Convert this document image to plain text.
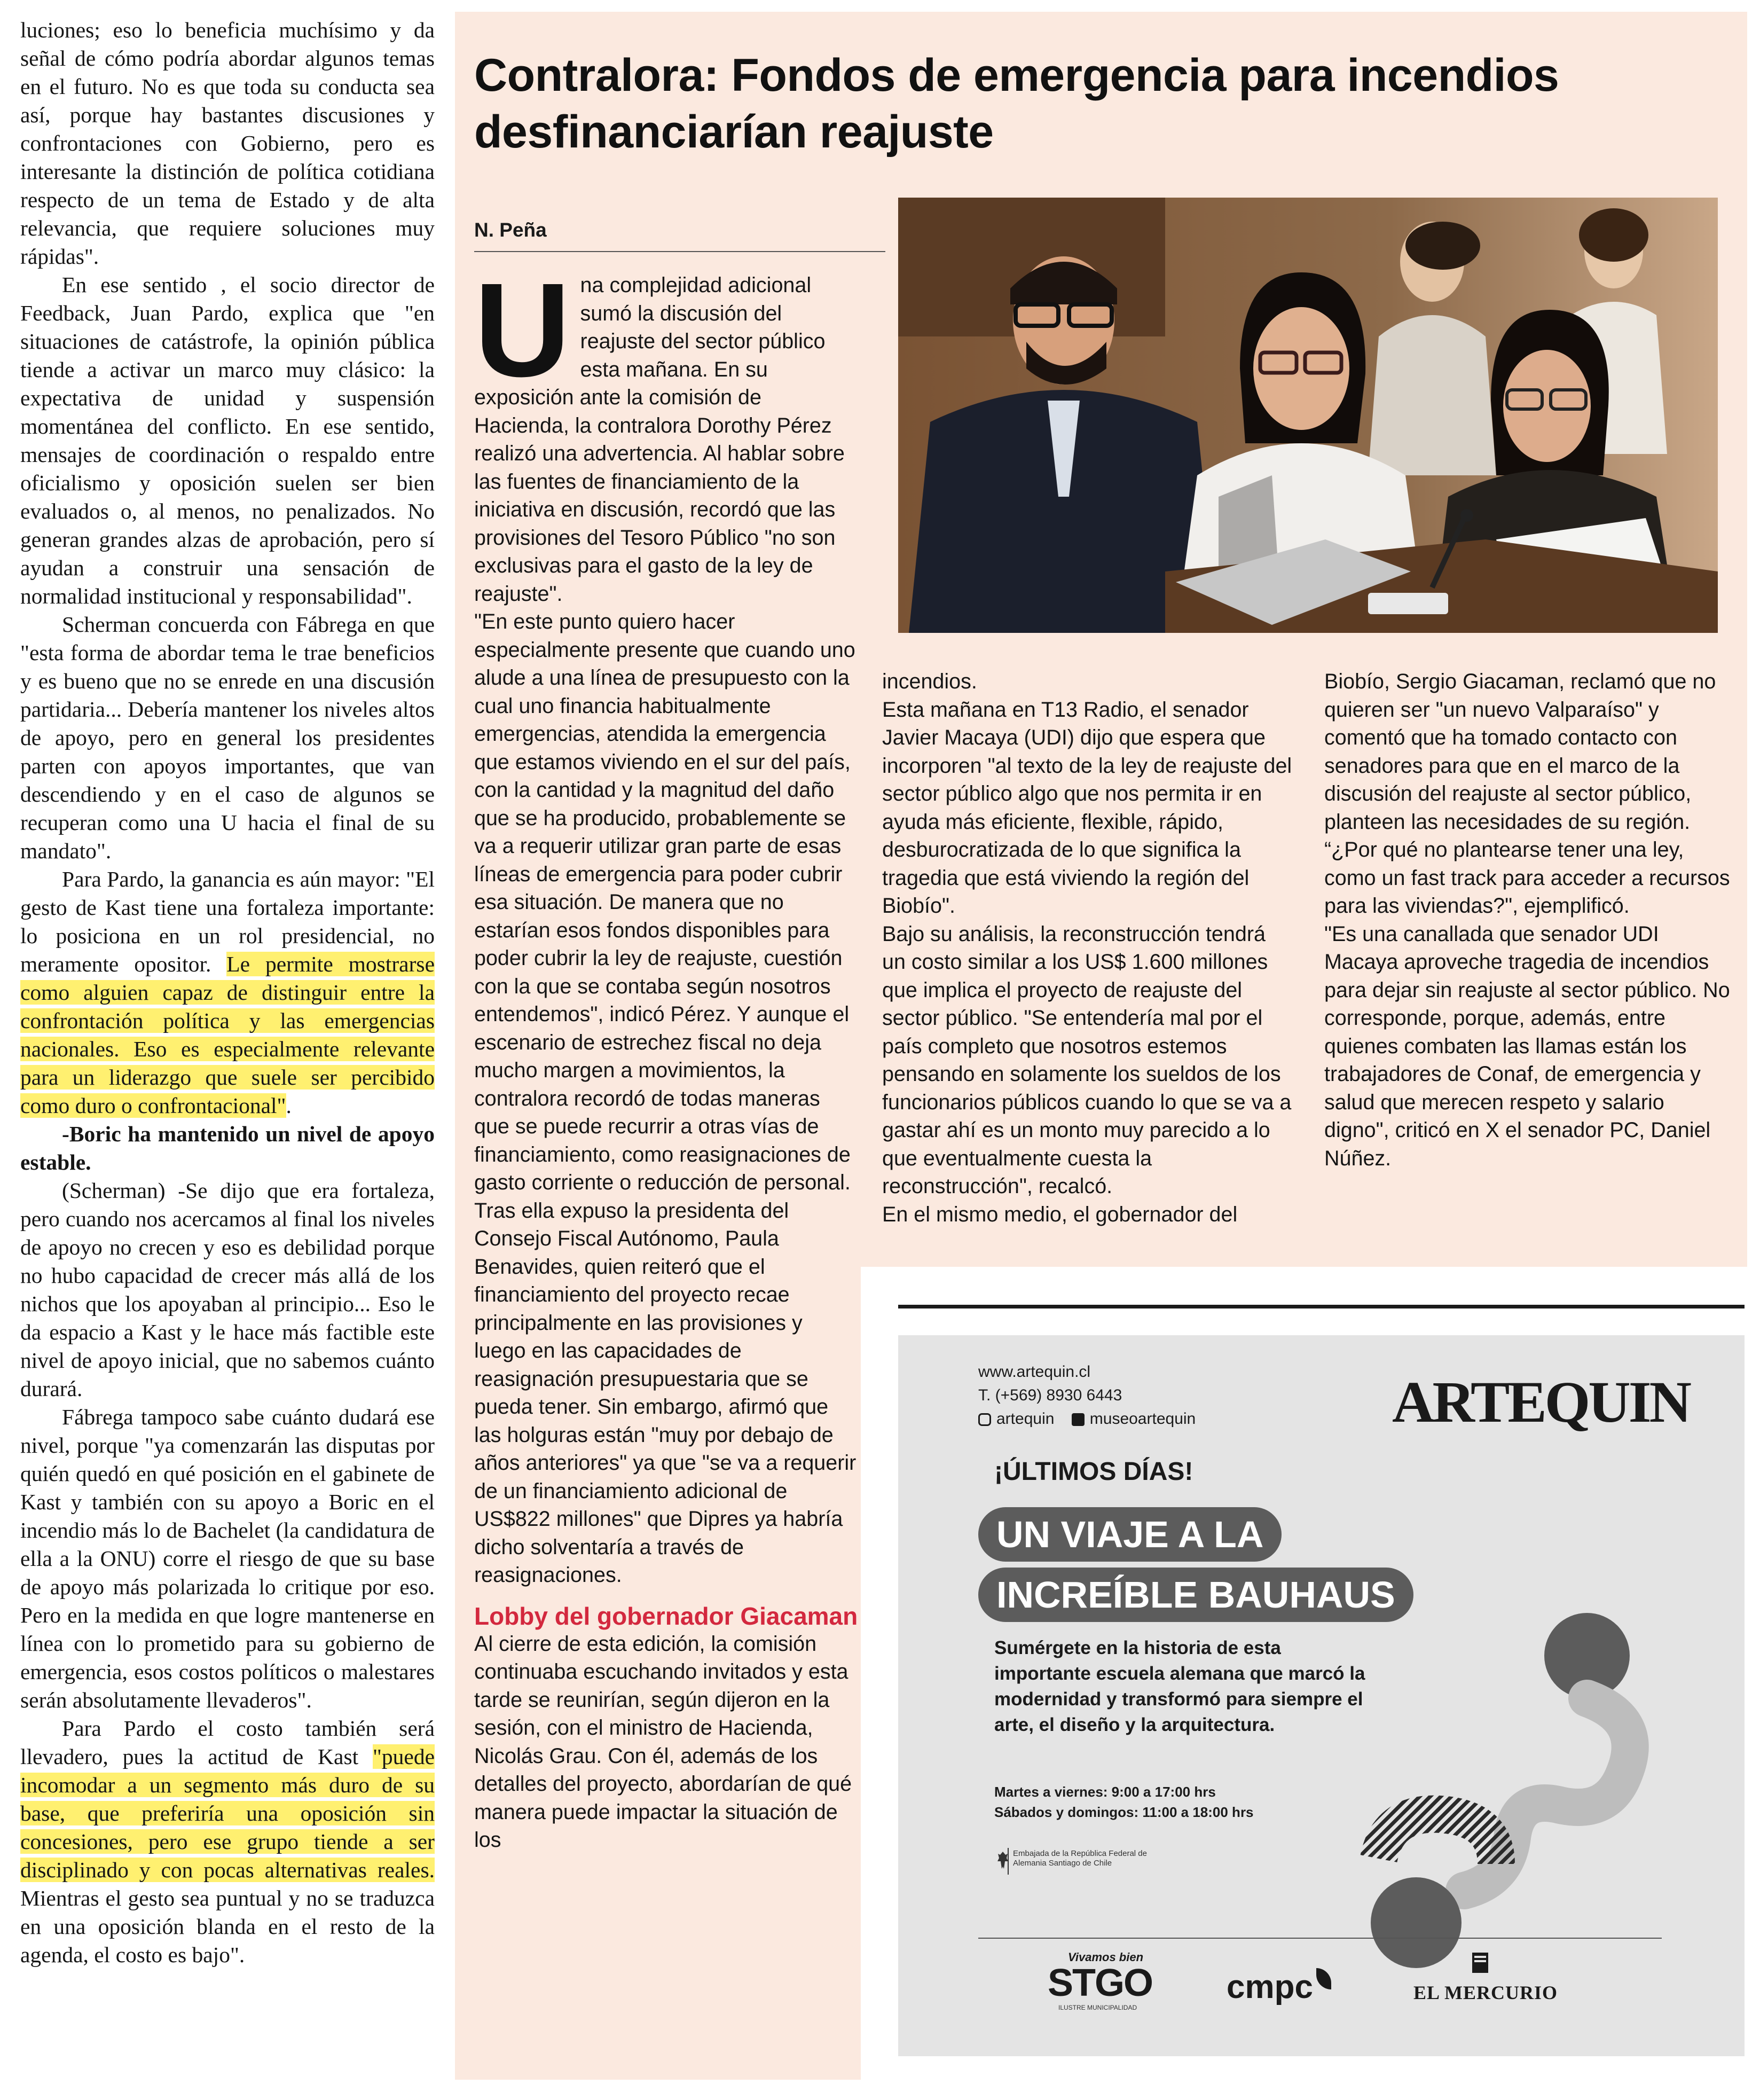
luciones; eso lo beneficia muchísimo y da señal de cómo podría abordar algunos temas en el futuro. No es que toda su conducta sea así, porque hay bastantes discusiones y confrontaciones con Gobierno, pero es interesante la distinción de política cotidiana respecto de un tema de Estado y de alta relevancia, que requiere soluciones muy rápidas".

En ese sentido , el socio director de Feedback, Juan Pardo, explica que "en situaciones de catástrofe, la opinión pública tiende a activar un marco muy clásico: la expectativa de unidad y suspensión momentánea del conflicto. En ese sentido, mensajes de coordinación o respaldo entre oficialismo y oposición suelen ser bien evaluados o, al menos, no penalizados. No generan grandes alzas de aprobación, pero sí ayudan a construir una sensación de normalidad institucional y responsabilidad".

Scherman concuerda con Fábrega en que "esta forma de abordar tema le trae beneficios y es bueno que no se enrede en una discusión partidaria... Debería mantener los niveles altos de apoyo, pero en general los presidentes parten con apoyos importantes, que van descendiendo y en el caso de algunos se recuperan como una U hacia el final de su mandato".

Para Pardo, la ganancia es aún mayor: "El gesto de Kast tiene una fortaleza importante: lo posiciona en un rol presidencial, no meramente opositor. Le permite mostrarse como alguien capaz de distinguir entre la confrontación política y las emergencias nacionales. Eso es especialmente relevante para un liderazgo que suele ser percibido como duro o confrontacional".

-Boric ha mantenido un nivel de apoyo estable.

(Scherman) -Se dijo que era fortaleza, pero cuando nos acercamos al final los niveles de apoyo no crecen y eso es debilidad porque no hubo capacidad de crecer más allá de los nichos que los apoyaban al principio... Eso le da espacio a Kast y le hace más factible este nivel de apoyo inicial, que no sabemos cuánto durará.

Fábrega tampoco sabe cuánto dudará ese nivel, porque "ya comenzarán las disputas por quién quedó en qué posición en el gabinete de Kast y también con su apoyo a Boric en el incendio más lo de Bachelet (la candidatura de ella a la ONU) corre el riesgo de que su base de apoyo más polarizada lo critique por eso. Pero en la medida en que logre mantenerse en línea con lo prometido para su gobierno de emergencia, esos costos políticos o malestares serán absolutamente llevaderos".

Para Pardo el costo también será llevadero, pues la actitud de Kast "puede incomodar a un segmento más duro de su base, que preferiría una oposición sin concesiones, pero ese grupo tiende a ser disciplinado y con pocas alternativas reales. Mientras el gesto sea puntual y no se traduzca en una oposición blanda en el resto de la agenda, el costo es bajo".

Contralora: Fondos de emergencia para incendios desfinanciarían reajuste
N. Peña

Una complejidad adicional sumó la discusión del reajuste del sector público esta mañana. En su exposición ante la comisión de Hacienda, la contralora Dorothy Pérez realizó una advertencia. Al hablar sobre las fuentes de financiamiento de la iniciativa en discusión, recordó que las provisiones del Tesoro Público "no son exclusivas para el gasto de la ley de reajuste".

"En este punto quiero hacer especialmente presente que cuando uno alude a una línea de presupuesto con la cual uno financia habitualmente emergencias, atendida la emergencia que estamos viviendo en el sur del país, con la cantidad y la magnitud del daño que se ha producido, probablemente se va a requerir utilizar gran parte de esas líneas de emergencia para poder cubrir esa situación. De manera que no estarían esos fondos disponibles para poder cubrir la ley de reajuste, cuestión con la que se contaba según nosotros entendemos", indicó Pérez. Y aunque el escenario de estrechez fiscal no deja mucho margen a movimientos, la contralora recordó de todas maneras que se puede recurrir a otras vías de financiamiento, como reasignaciones de gasto corriente o reducción de personal.

Tras ella expuso la presidenta del Consejo Fiscal Autónomo, Paula Benavides, quien reiteró que el financiamiento del proyecto recae principalmente en las provisiones y luego en las capacidades de reasignación presupuestaria que se pueda tener. Sin embargo, afirmó que las holguras están "muy por debajo de años anteriores" ya que "se va a requerir de un financiamiento adicional de US$822 millones" que Dipres ya habría dicho solventaría a través de reasignaciones.

Lobby del gobernador Giacaman

Al cierre de esta edición, la comisión continuaba escuchando invitados y esta tarde se reunirían, según dijeron en la sesión, con el ministro de Hacienda, Nicolás Grau. Con él, además de los detalles del proyecto, abordarían de qué manera puede impactar la situación de los

incendios.

Esta mañana en T13 Radio, el senador Javier Macaya (UDI) dijo que espera que incorporen "al texto de la ley de reajuste del sector público algo que nos permita ir en ayuda más eficiente, flexible, rápido, desburocratizada de lo que significa la tragedia que está viviendo la región del Biobío".

Bajo su análisis, la reconstrucción tendrá un costo similar a los US$ 1.600 millones que implica el proyecto de reajuste del sector público. "Se entendería mal por el país completo que nosotros estemos pensando en solamente los sueldos de los funcionarios públicos cuando lo que se va a gastar ahí es un monto muy parecido a lo que eventualmente cuesta la reconstrucción", recalcó.

En el mismo medio, el gobernador del

Biobío, Sergio Giacaman, reclamó que no quieren ser "un nuevo Valparaíso" y comentó que ha tomado contacto con senadores para que en el marco de la discusión del reajuste al sector público, planteen las necesidades de su región. “¿Por qué no plantearse tener una ley, como un fast track para acceder a recursos para las viviendas?", ejemplificó.

"Es una canallada que senador UDI Macaya aproveche tragedia de incendios para dejar sin reajuste al sector público. No corresponde, porque, además, entre quienes combaten las llamas están los trabajadores de Conaf, de emergencia y salud que merecen respeto y salario digno", criticó en X el senador PC, Daniel Núñez.

www.artequin.cl
T. (+569) 8930 6443
artequin museoartequin	ARTEQUIN
¡ÚLTIMOS DÍAS!
UN VIAJE A LA
INCREÍBLE BAUHAUS
Sumérgete en la historia de esta importante escuela alemana que marcó la modernidad y transformó para siempre el arte, el diseño y la arquitectura.
Martes a viernes: 9:00 a 17:00 hrs
Sábados y domingos: 11:00 a 18:00 hrs
Embajada de la República Federal de Alemania Santiago de Chile
Vivamos bien
STGO
ILUSTRE MUNICIPALIDAD
cmpc	EL MERCURIO
